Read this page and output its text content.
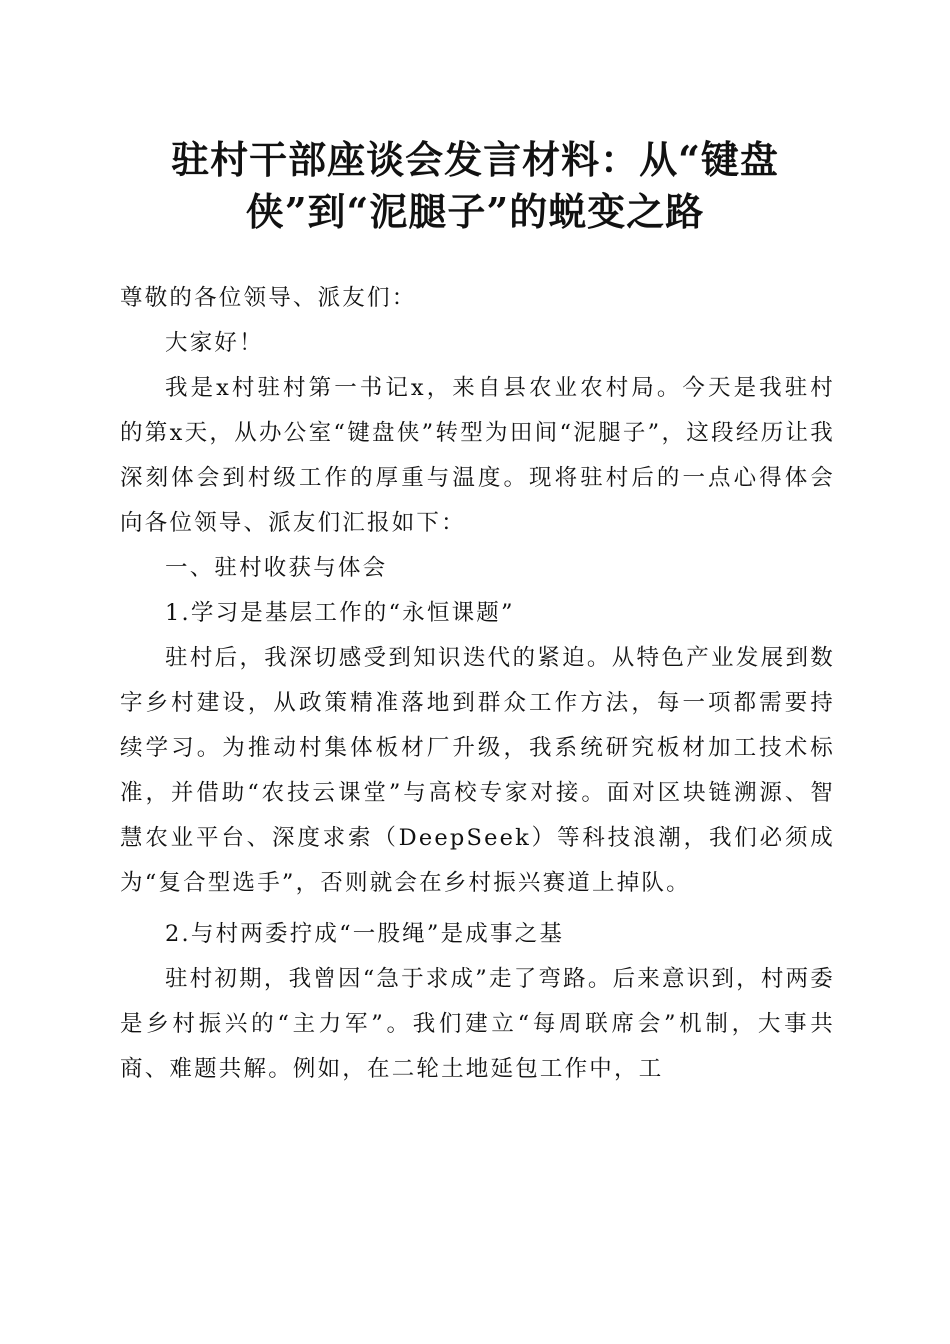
驻村干部座谈会发言材料：从“键盘
侠”到“泥腿子”的蜕变之路

尊敬的各位领导、派友们：

大家好！

我是x村驻村第一书记x，来自县农业农村局。今天是我驻村的第x天，从办公室“键盘侠”转型为田间“泥腿子”，这段经历让我深刻体会到村级工作的厚重与温度。现将驻村后的一点心得体会向各位领导、派友们汇报如下：

一、驻村收获与体会

1.学习是基层工作的“永恒课题”

驻村后，我深切感受到知识迭代的紧迫。从特色产业发展到数字乡村建设，从政策精准落地到群众工作方法，每一项都需要持续学习。为推动村集体板材厂升级，我系统研究板材加工技术标准，并借助“农技云课堂”与高校专家对接。面对区块链溯源、智慧农业平台、深度求索（DeepSeek）等科技浪潮，我们必须成为“复合型选手”，否则就会在乡村振兴赛道上掉队。

2.与村两委拧成“一股绳”是成事之基

驻村初期，我曾因“急于求成”走了弯路。后来意识到，村两委是乡村振兴的“主力军”。我们建立“每周联席会”机制，大事共商、难题共解。例如，在二轮土地延包工作中，工
